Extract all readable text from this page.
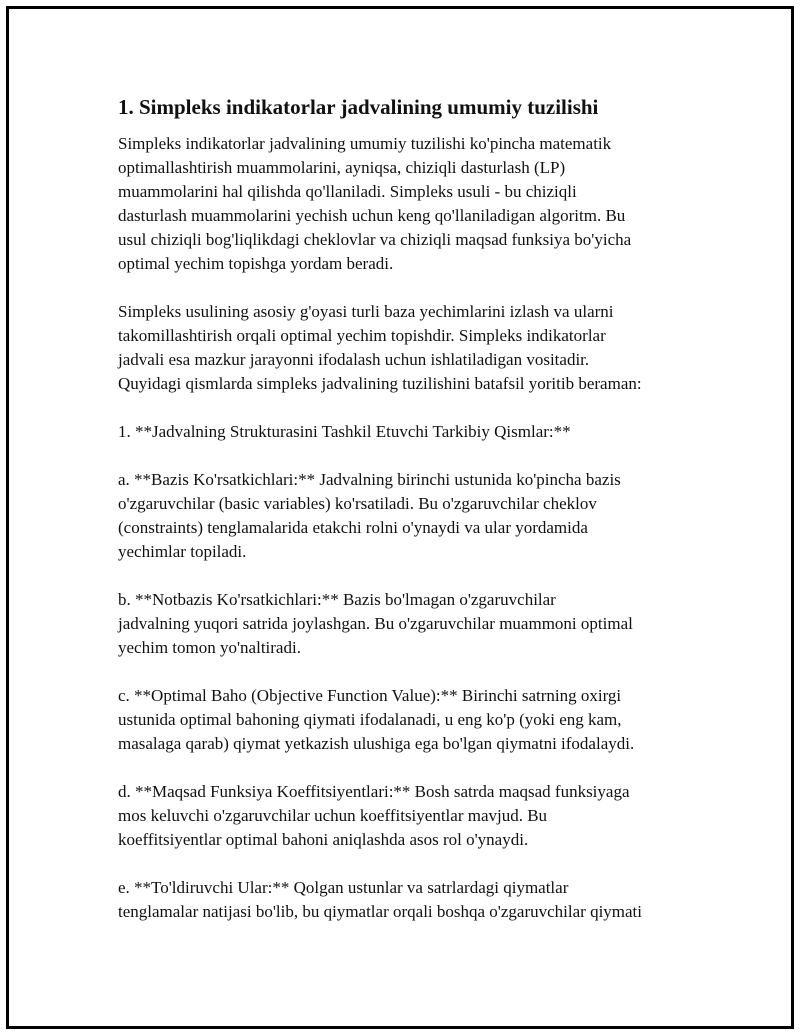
1. Simpleks indikatorlar jadvalining umumiy tuzilishi

Simpleks indikatorlar jadvalining umumiy tuzilishi ko'pincha matematik
optimallashtirish muammolarini, ayniqsa, chiziqli dasturlash (LP)
muammolarini hal qilishda qo'llaniladi. Simpleks usuli - bu chiziqli
dasturlash muammolarini yechish uchun keng qo'llaniladigan algoritm. Bu
usul chiziqli bog'liqlikdagi cheklovlar va chiziqli maqsad funksiya bo'yicha
optimal yechim topishga yordam beradi.

Simpleks usulining asosiy g'oyasi turli baza yechimlarini izlash va ularni
takomillashtirish orqali optimal yechim topishdir. Simpleks indikatorlar
jadvali esa mazkur jarayonni ifodalash uchun ishlatiladigan vositadir.
Quyidagi qismlarda simpleks jadvalining tuzilishini batafsil yoritib beraman:

1. **Jadvalning Strukturasini Tashkil Etuvchi Tarkibiy Qismlar:**

a. **Bazis Ko'rsatkichlari:** Jadvalning birinchi ustunida ko'pincha bazis
o'zgaruvchilar (basic variables) ko'rsatiladi. Bu o'zgaruvchilar cheklov
(constraints) tenglamalarida etakchi rolni o'ynaydi va ular yordamida
yechimlar topiladi.

b. **Notbazis Ko'rsatkichlari:** Bazis bo'lmagan o'zgaruvchilar
jadvalning yuqori satrida joylashgan. Bu o'zgaruvchilar muammoni optimal
yechim tomon yo'naltiradi.

c. **Optimal Baho (Objective Function Value):** Birinchi satrning oxirgi
ustunida optimal bahoning qiymati ifodalanadi, u eng ko'p (yoki eng kam,
masalaga qarab) qiymat yetkazish ulushiga ega bo'lgan qiymatni ifodalaydi.

d. **Maqsad Funksiya Koeffitsiyentlari:** Bosh satrda maqsad funksiyaga
mos keluvchi o'zgaruvchilar uchun koeffitsiyentlar mavjud. Bu
koeffitsiyentlar optimal bahoni aniqlashda asos rol o'ynaydi.

e. **To'ldiruvchi Ular:** Qolgan ustunlar va satrlardagi qiymatlar
tenglamalar natijasi bo'lib, bu qiymatlar orqali boshqa o'zgaruvchilar qiymati
